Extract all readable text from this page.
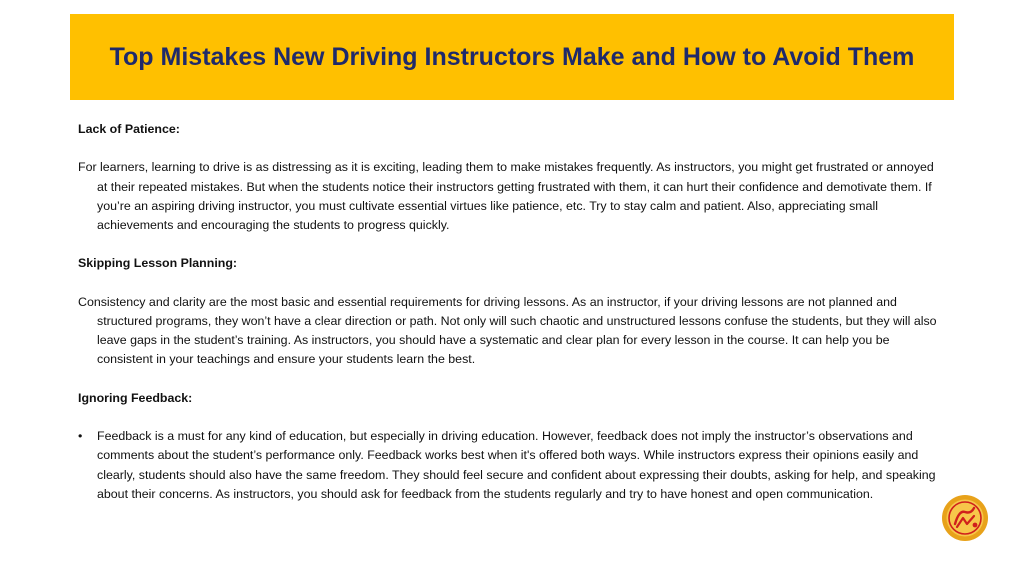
Top Mistakes New Driving Instructors Make and How to Avoid Them

Lack of Patience:

For learners, learning to drive is as distressing as it is exciting, leading them to make mistakes frequently. As instructors, you might get frustrated or annoyed at their repeated mistakes. But when the students notice their instructors getting frustrated with them, it can hurt their confidence and demotivate them. If you’re an aspiring driving instructor, you must cultivate essential virtues like patience, etc. Try to stay calm and patient. Also, appreciating small achievements and encouraging the students to progress quickly.

Skipping Lesson Planning:

Consistency and clarity are the most basic and essential requirements for driving lessons. As an instructor, if your driving lessons are not planned and structured programs, they won’t have a clear direction or path. Not only will such chaotic and unstructured lessons confuse the students, but they will also leave gaps in the student’s training. As instructors, you should have a systematic and clear plan for every lesson in the course. It can help you be consistent in your teachings and ensure your students learn the best.

Ignoring Feedback:

• Feedback is a must for any kind of education, but especially in driving education. However, feedback does not imply the instructor’s observations and comments about the student’s performance only. Feedback works best when it's offered both ways. While instructors express their opinions easily and clearly, students should also have the same freedom. They should feel secure and confident about expressing their doubts, asking for help, and speaking about their concerns. As instructors, you should ask for feedback from the students regularly and try to have honest and open communication.
